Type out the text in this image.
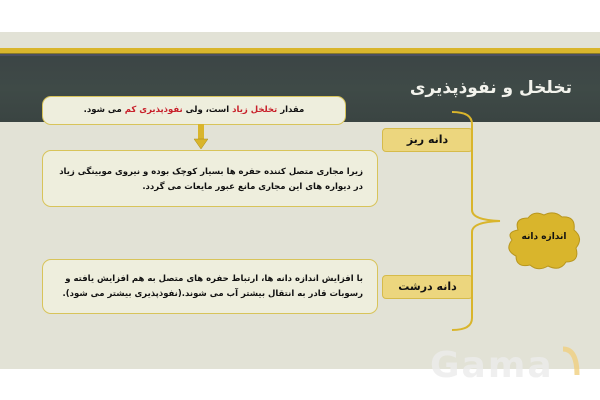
تخلخل و نفوذپذیری
مقدار تخلخل زیاد است، ولی نفوذپذیری کم می شود.
زیرا مجاری متصل کننده حفره ها بسیار کوچک بوده و نیروی مویینگی زیاد در دیواره های این مجاری مانع عبور مایعات می گردد.
با افزایش اندازه دانه ها، ارتباط حفره های متصل به هم افزایش یافته و رسوبات قادر به انتقال بیشتر آب می شوند.(نفوذپذیری بیشتر می شود).
دانه ریز
دانه درشت
اندازه دانه
Gama
